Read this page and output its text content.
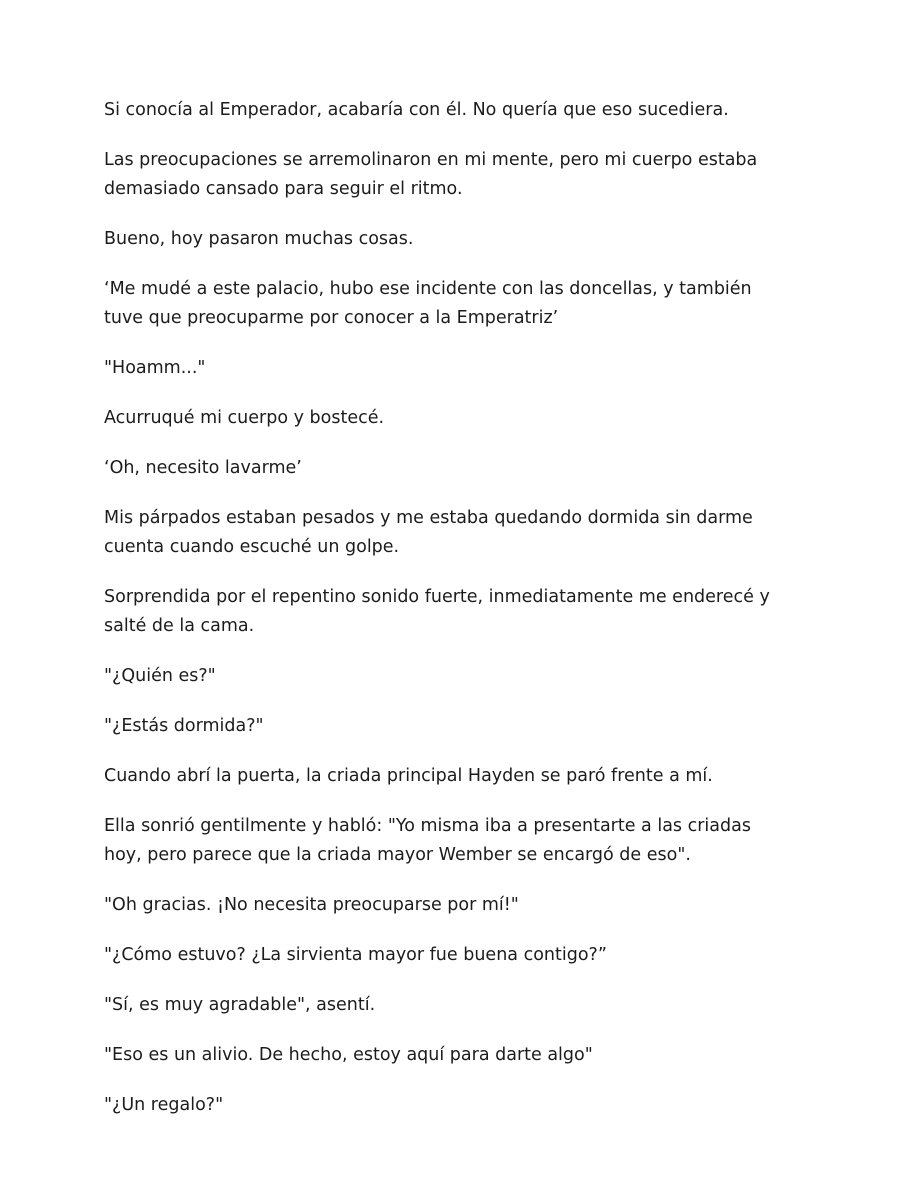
Si conocía al Emperador, acabaría con él. No quería que eso sucediera.

Las preocupaciones se arremolinaron en mi mente, pero mi cuerpo estaba demasiado cansado para seguir el ritmo.

Bueno, hoy pasaron muchas cosas.

‘Me mudé a este palacio, hubo ese incidente con las doncellas, y también tuve que preocuparme por conocer a la Emperatriz’

"Hoamm..."

Acurruqué mi cuerpo y bostecé.

‘Oh, necesito lavarme’

Mis párpados estaban pesados y me estaba quedando dormida sin darme cuenta cuando escuché un golpe.

Sorprendida por el repentino sonido fuerte, inmediatamente me enderecé y salté de la cama.

"¿Quién es?"

"¿Estás dormida?"

Cuando abrí la puerta, la criada principal Hayden se paró frente a mí.

Ella sonrió gentilmente y habló: "Yo misma iba a presentarte a las criadas hoy, pero parece que la criada mayor Wember se encargó de eso".

"Oh gracias. ¡No necesita preocuparse por mí!"

"¿Cómo estuvo? ¿La sirvienta mayor fue buena contigo?”

"Sí, es muy agradable", asentí.

"Eso es un alivio. De hecho, estoy aquí para darte algo"

"¿Un regalo?"
